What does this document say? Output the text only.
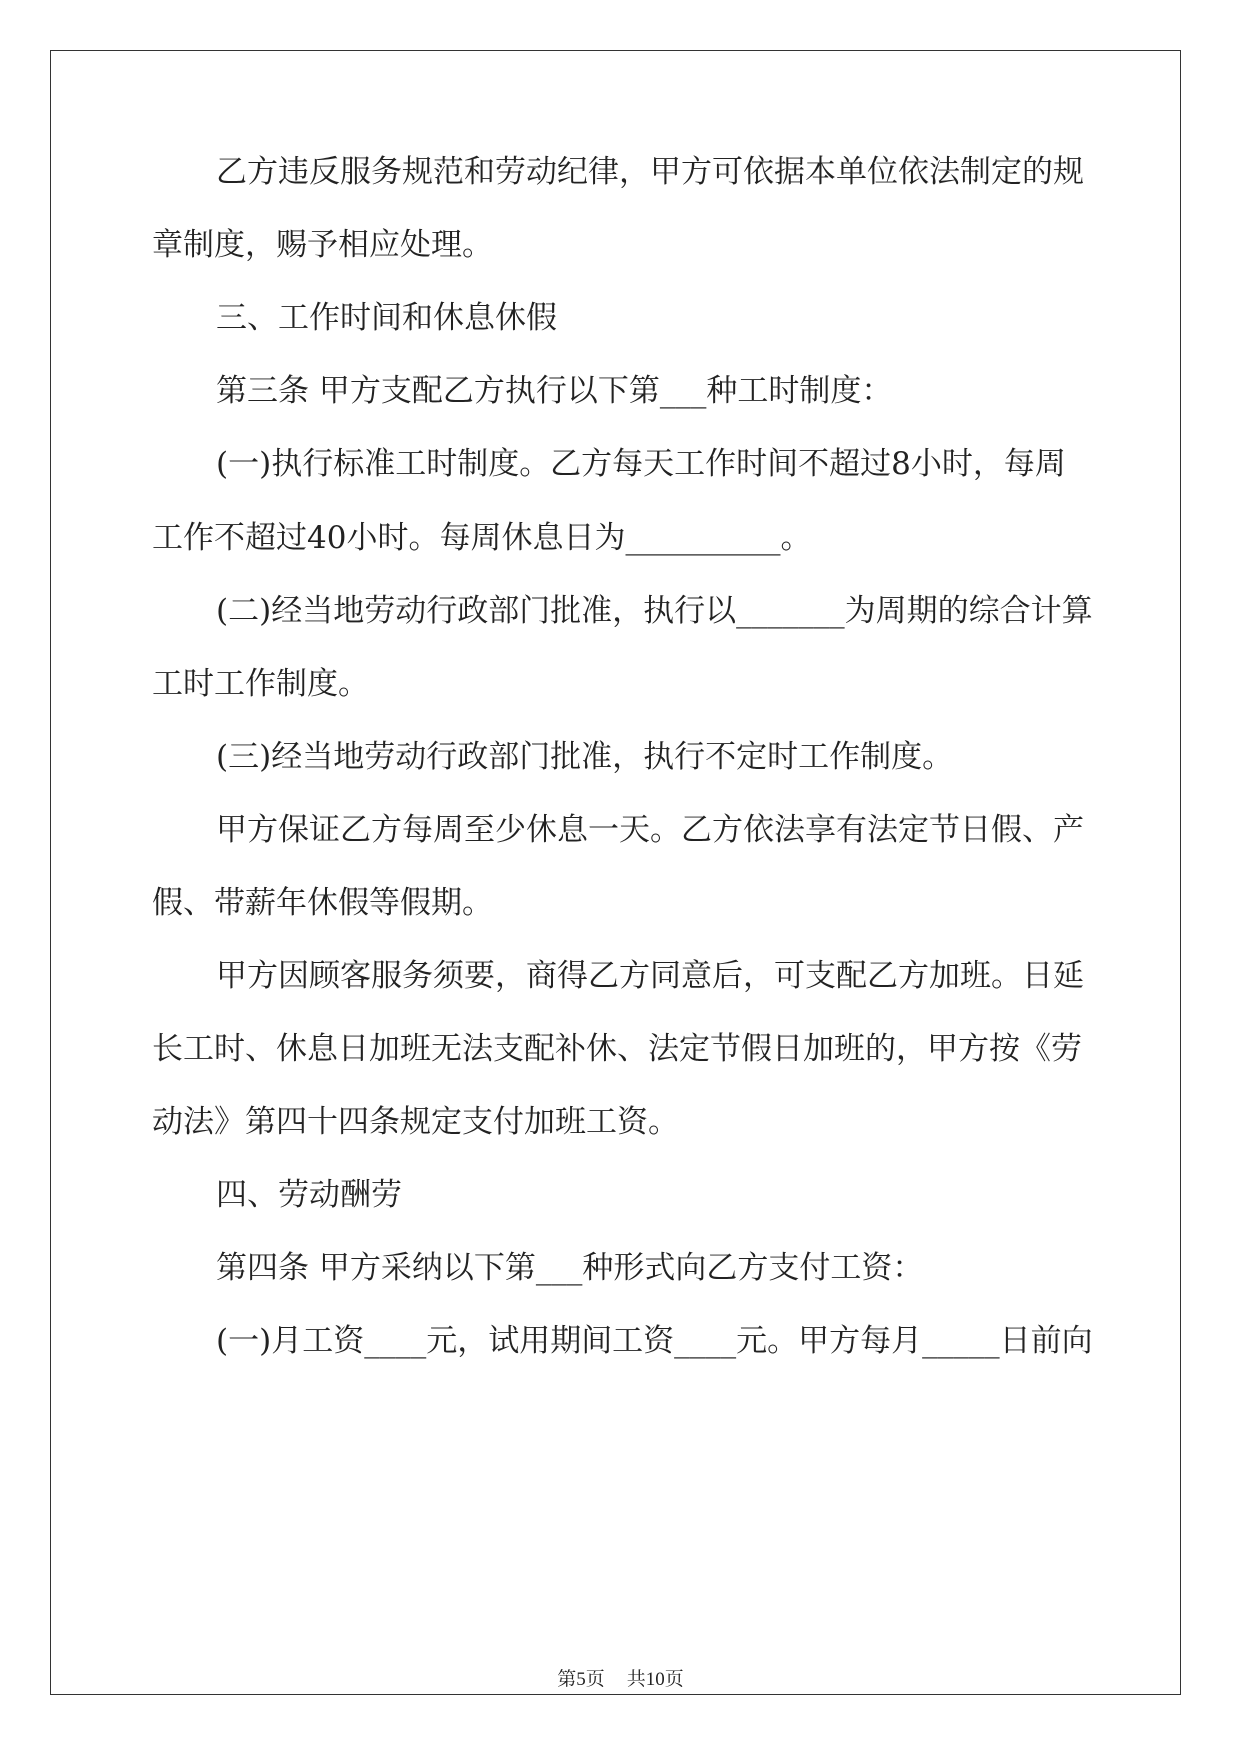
乙方违反服务规范和劳动纪律，甲方可依据本单位依法制定的规

章制度，赐予相应处理。

三、工作时间和休息休假

第三条 甲方支配乙方执行以下第___种工时制度：

(一)执行标准工时制度。乙方每天工作时间不超过8小时，每周

工作不超过40小时。每周休息日为__________。

(二)经当地劳动行政部门批准，执行以_______为周期的综合计算

工时工作制度。

(三)经当地劳动行政部门批准，执行不定时工作制度。

甲方保证乙方每周至少休息一天。乙方依法享有法定节日假、产

假、带薪年休假等假期。

甲方因顾客服务须要，商得乙方同意后，可支配乙方加班。日延

长工时、休息日加班无法支配补休、法定节假日加班的，甲方按《劳

动法》第四十四条规定支付加班工资。

四、劳动酬劳

第四条 甲方采纳以下第___种形式向乙方支付工资：

(一)月工资____元，试用期间工资____元。甲方每月_____日前向

第5页 共10页
